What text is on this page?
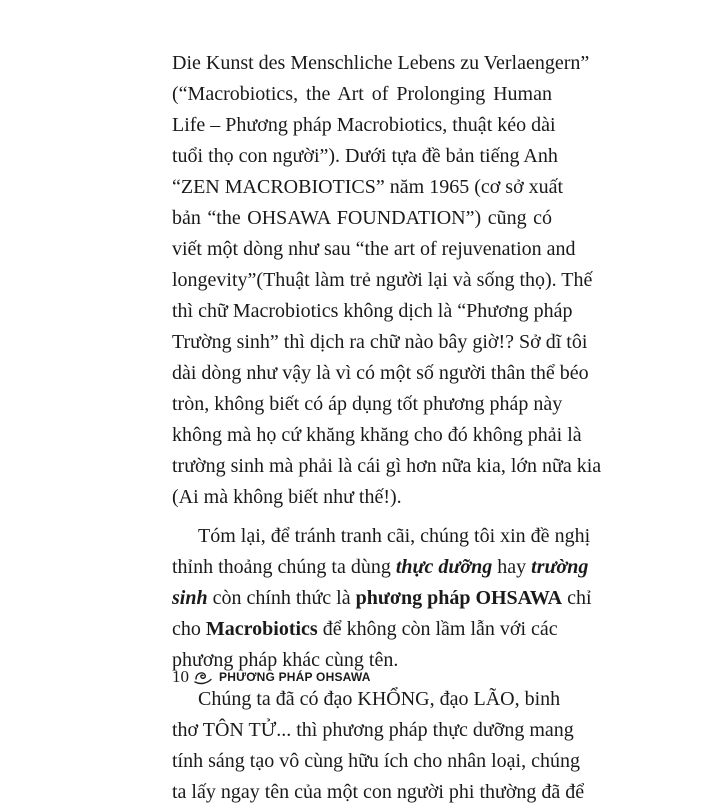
Die Kunst des Menschliche Lebens zu Verlaengern”
(“Macrobiotics, the Art of Prolonging Human
Life – Phương pháp Macrobiotics, thuật kéo dài
tuổi thọ con người”). Dưới tựa đề bản tiếng Anh
“ZEN MACROBIOTICS” năm 1965 (cơ sở xuất
bản “the OHSAWA FOUNDATION”) cũng có
viết một dòng như sau “the art of rejuvenation and
longevity”(Thuật làm trẻ người lại và sống thọ). Thế
thì chữ Macrobiotics không dịch là “Phương pháp
Trường sinh” thì dịch ra chữ nào bây giờ!? Sở dĩ tôi
dài dòng như vậy là vì có một số người thân thể béo
tròn, không biết có áp dụng tốt phương pháp này
không mà họ cứ khăng khăng cho đó không phải là
trường sinh mà phải là cái gì hơn nữa kia, lớn nữa kia
(Ai mà không biết như thế!).
Tóm lại, để tránh tranh cãi, chúng tôi xin đề nghị
thỉnh thoảng chúng ta dùng thực dưỡng hay trường
sinh còn chính thức là phương pháp OHSAWA chỉ
cho Macrobiotics để không còn lầm lẫn với các
phương pháp khác cùng tên.
Chúng ta đã có đạo KHỔNG, đạo LÃO, binh
thơ TÔN TỬ... thì phương pháp thực dưỡng mang
tính sáng tạo vô cùng hữu ích cho nhân loại, chúng
ta lấy ngay tên của một con người phi thường đã để
10	PHƯƠNG PHÁP OHSAWA
